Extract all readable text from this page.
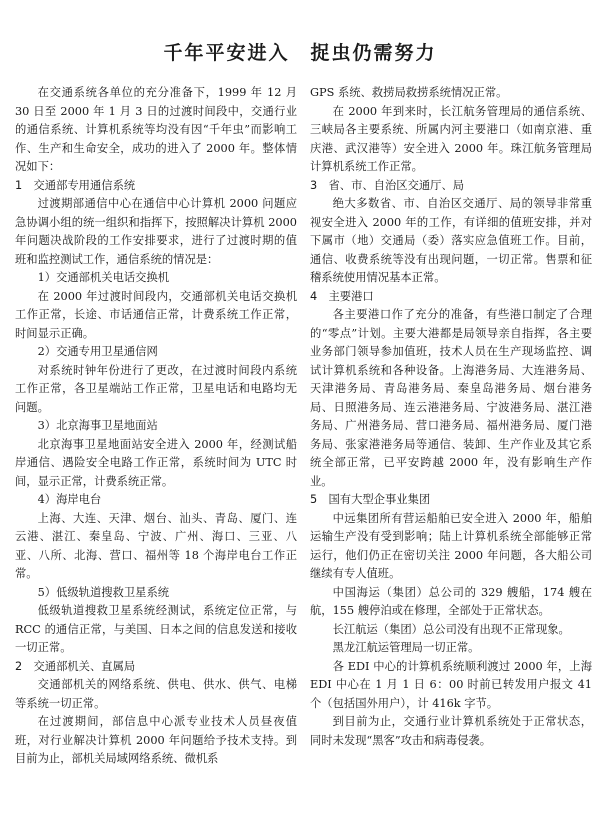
千年平安进入　捉虫仍需努力

在交通系统各单位的充分准备下，1999 年 12 月 30 日至 2000 年 1 月 3 日的过渡时间段中，交通行业的通信系统、计算机系统等均没有因“千年虫”而影响工作、生产和生命安全，成功的进入了 2000 年。整体情况如下：

1　交通部专用通信系统

过渡期部通信中心在通信中心计算机 2000 问题应急协调小组的统一组织和指挥下，按照解决计算机 2000 年问题决战阶段的工作安排要求，进行了过渡时期的值班和监控测试工作，通信系统的情况是：

1）交通部机关电话交换机

在 2000 年过渡时间段内，交通部机关电话交换机工作正常，长途、市话通信正常，计费系统工作正常，时间显示正确。

2）交通专用卫星通信网

对系统时钟年份进行了更改，在过渡时间段内系统工作正常，各卫星端站工作正常，卫星电话和电路均无问题。

3）北京海事卫星地面站

北京海事卫星地面站安全进入 2000 年，经测试船岸通信、遇险安全电路工作正常，系统时间为 UTC 时间，显示正常，计费系统正常。

4）海岸电台

上海、大连、天津、烟台、汕头、青岛、厦门、连云港、湛江、秦皇岛、宁波、广州、海口、三亚、八亚、八所、北海、营口、福州等 18 个海岸电台工作正常。

5）低级轨道搜救卫星系统

低级轨道搜救卫星系统经测试，系统定位正常，与 RCC 的通信正常，与美国、日本之间的信息发送和接收一切正常。

2　交通部机关、直属局

交通部机关的网络系统、供电、供水、供气、电梯等系统一切正常。

在过渡期间，部信息中心派专业技术人员昼夜值班，对行业解决计算机 2000 年问题给予技术支持。到目前为止，部机关局域网络系统、微机系

GPS 系统、救捞局救捞系统情况正常。

在 2000 年到来时，长江航务管理局的通信系统、三峡局各主要系统、所属内河主要港口（如南京港、重庆港、武汉港等）安全进入 2000 年。珠江航务管理局计算机系统工作正常。

3　省、市、自治区交通厅、局

绝大多数省、市、自治区交通厅、局的领导非常重视安全进入 2000 年的工作，有详细的值班安排，并对下属市（地）交通局（委）落实应急值班工作。目前，通信、收费系统等没有出现问题，一切正常。售票和征稽系统使用情况基本正常。

4　主要港口

各主要港口作了充分的准备，有些港口制定了合理的“零点”计划。主要大港都是局领导亲自指挥，各主要业务部门领导参加值班，技术人员在生产现场监控、调试计算机系统和各种设备。上海港务局、大连港务局、天津港务局、青岛港务局、秦皇岛港务局、烟台港务局、日照港务局、连云港港务局、宁波港务局、湛江港务局、广州港务局、营口港务局、福州港务局、厦门港务局、张家港港务局等通信、装卸、生产作业及其它系统全部正常，已平安跨越 2000 年，没有影响生产作业。

5　国有大型企事业集团

中远集团所有营运船舶已安全进入 2000 年，船舶运输生产没有受到影响；陆上计算机系统全部能够正常运行，他们仍正在密切关注 2000 年问题，各大船公司继续有专人值班。

中国海运（集团）总公司的 329 艘船，174 艘在航，155 艘停泊或在修理，全部处于正常状态。

长江航运（集团）总公司没有出现不正常现象。

黑龙江航运管理局一切正常。

各 EDI 中心的计算机系统顺利渡过 2000 年，上海 EDI 中心在 1 月 1 日 6：00 时前已转发用户报文 41 个（包括国外用户），计 416k 字节。

到目前为止，交通行业计算机系统处于正常状态，同时未发现“黑客”攻击和病毒侵袭。
